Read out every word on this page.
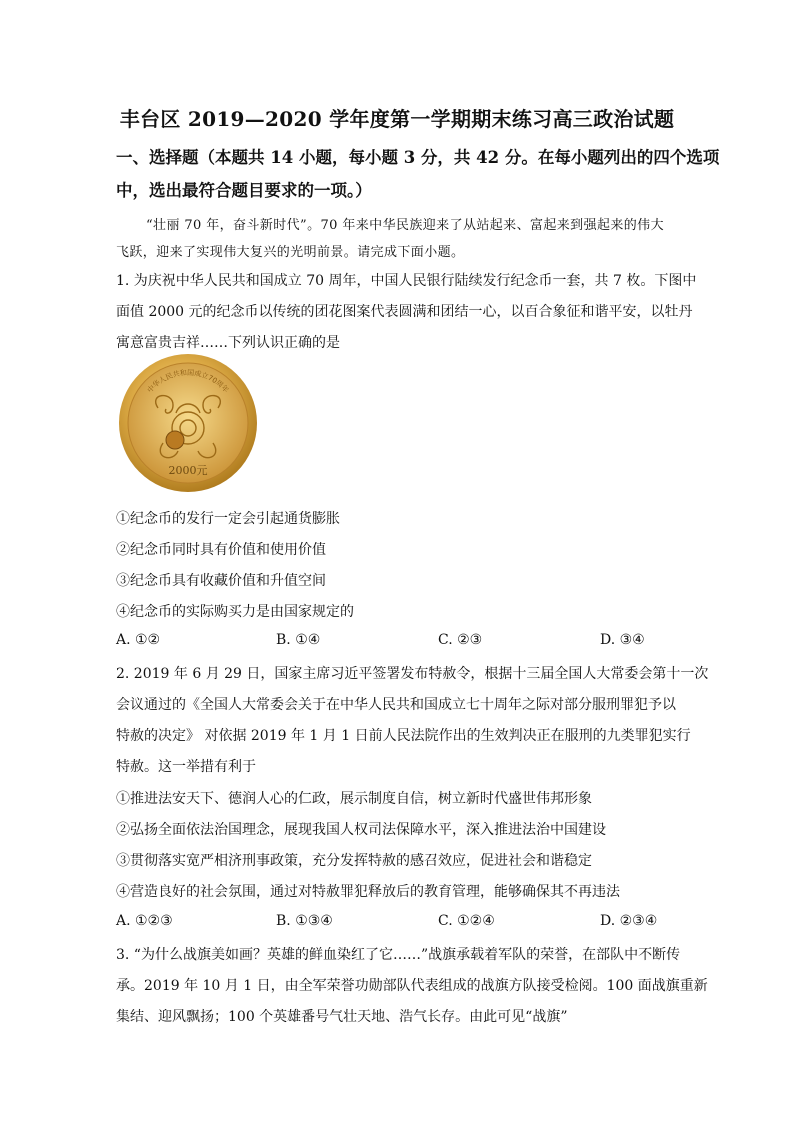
丰台区 2019—2020 学年度第一学期期末练习高三政治试题
一、选择题（本题共 14 小题，每小题 3 分，共 42 分。在每小题列出的四个选项
中，选出最符合题目要求的一项。）
“壮丽 70 年，奋斗新时代”。70 年来中华民族迎来了从站起来、富起来到强起来的伟大
飞跃，迎来了实现伟大复兴的光明前景。请完成下面小题。
1. 为庆祝中华人民共和国成立 70 周年，中国人民银行陆续发行纪念币一套，共 7 枚。下图中
面值 2000 元的纪念币以传统的团花图案代表圆满和团结一心，以百合象征和谐平安，以牡丹
寓意富贵吉祥……下列认识正确的是
中华人民共和国成立70周年
2000元
①纪念币的发行一定会引起通货膨胀
②纪念币同时具有价值和使用价值
③纪念币具有收藏价值和升值空间
④纪念币的实际购买力是由国家规定的
A. ①②	B. ①④	C. ②③	D. ③④
2. 2019 年 6 月 29 日，国家主席习近平签署发布特赦令，根据十三届全国人大常委会第十一次
会议通过的《全国人大常委会关于在中华人民共和国成立七十周年之际对部分服刑罪犯予以
特赦的决定》 对依据 2019 年 1 月 1 日前人民法院作出的生效判决正在服刑的九类罪犯实行
特赦。这一举措有利于
①推进法安天下、德润人心的仁政，展示制度自信，树立新时代盛世伟邦形象
②弘扬全面依法治国理念，展现我国人权司法保障水平，深入推进法治中国建设
③贯彻落实宽严相济刑事政策，充分发挥特赦的感召效应，促进社会和谐稳定
④营造良好的社会氛围，通过对特赦罪犯释放后的教育管理，能够确保其不再违法
A. ①②③	B. ①③④	C. ①②④	D. ②③④
3. “为什么战旗美如画？英雄的鲜血染红了它……”战旗承载着军队的荣誉，在部队中不断传
承。2019 年 10 月 1 日，由全军荣誉功勋部队代表组成的战旗方队接受检阅。100 面战旗重新
集结、迎风飘扬；100 个英雄番号气壮天地、浩气长存。由此可见“战旗”
